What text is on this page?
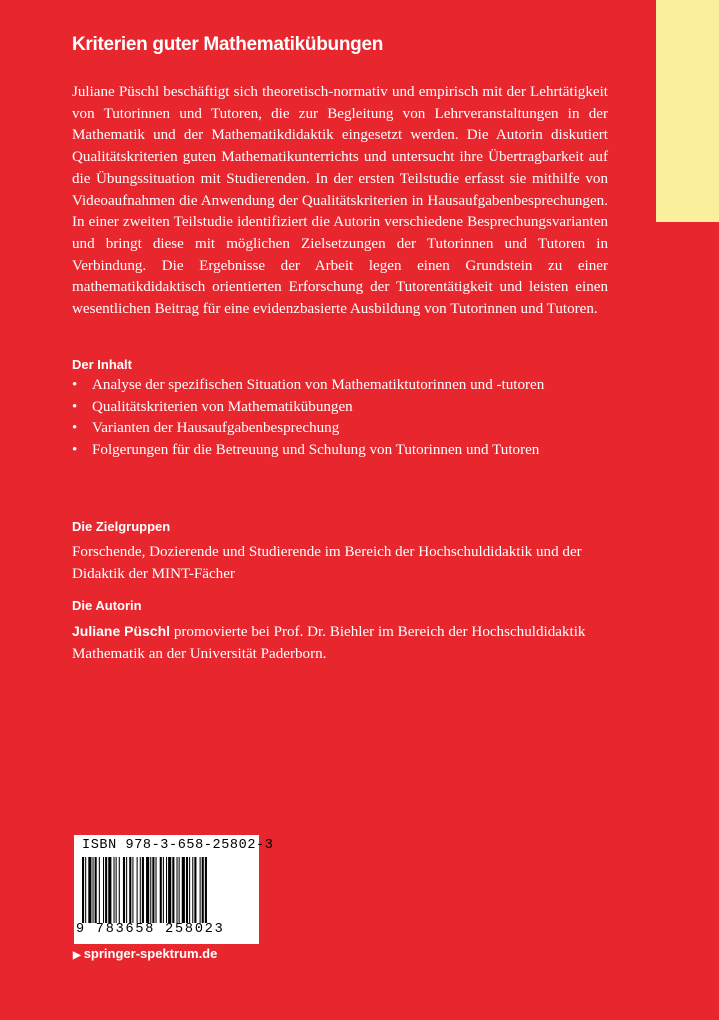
Kriterien guter Mathematikübungen

Juliane Püschl beschäftigt sich theoretisch-normativ und empirisch mit der Lehrtätigkeit von Tutorinnen und Tutoren, die zur Begleitung von Lehrveranstaltungen in der Mathematik und der Mathematikdidaktik eingesetzt werden. Die Autorin diskutiert Qualitätskriterien guten Mathematikunterrichts und untersucht ihre Übertragbarkeit auf die Übungssituation mit Studierenden. In der ersten Teilstudie erfasst sie mithilfe von Videoaufnahmen die Anwendung der Qualitätskriterien in Hausaufgabenbesprechungen. In einer zweiten Teilstudie identifiziert die Autorin verschiedene Besprechungsvarianten und bringt diese mit möglichen Zielsetzungen der Tutorinnen und Tutoren in Verbindung. Die Ergebnisse der Arbeit legen einen Grundstein zu einer mathematikdidaktisch orientierten Erforschung der Tutorentätigkeit und leisten einen wesentlichen Beitrag für eine evidenzbasierte Ausbildung von Tutorinnen und Tutoren.

Der Inhalt
• Analyse der spezifischen Situation von Mathematiktutorinnen und -tutoren
• Qualitätskriterien von Mathematikübungen
• Varianten der Hausaufgabenbesprechung
• Folgerungen für die Betreuung und Schulung von Tutorinnen und Tutoren
Die Zielgruppen

Forschende, Dozierende und Studierende im Bereich der Hochschuldidaktik und der Didaktik der MINT-Fächer

Die Autorin

Juliane Püschl promovierte bei Prof. Dr. Biehler im Bereich der Hochschuldidaktik Mathematik an der Universität Paderborn.

ISBN 978-3-658-25802-3
9 783658 258023
▶ springer-spektrum.de
